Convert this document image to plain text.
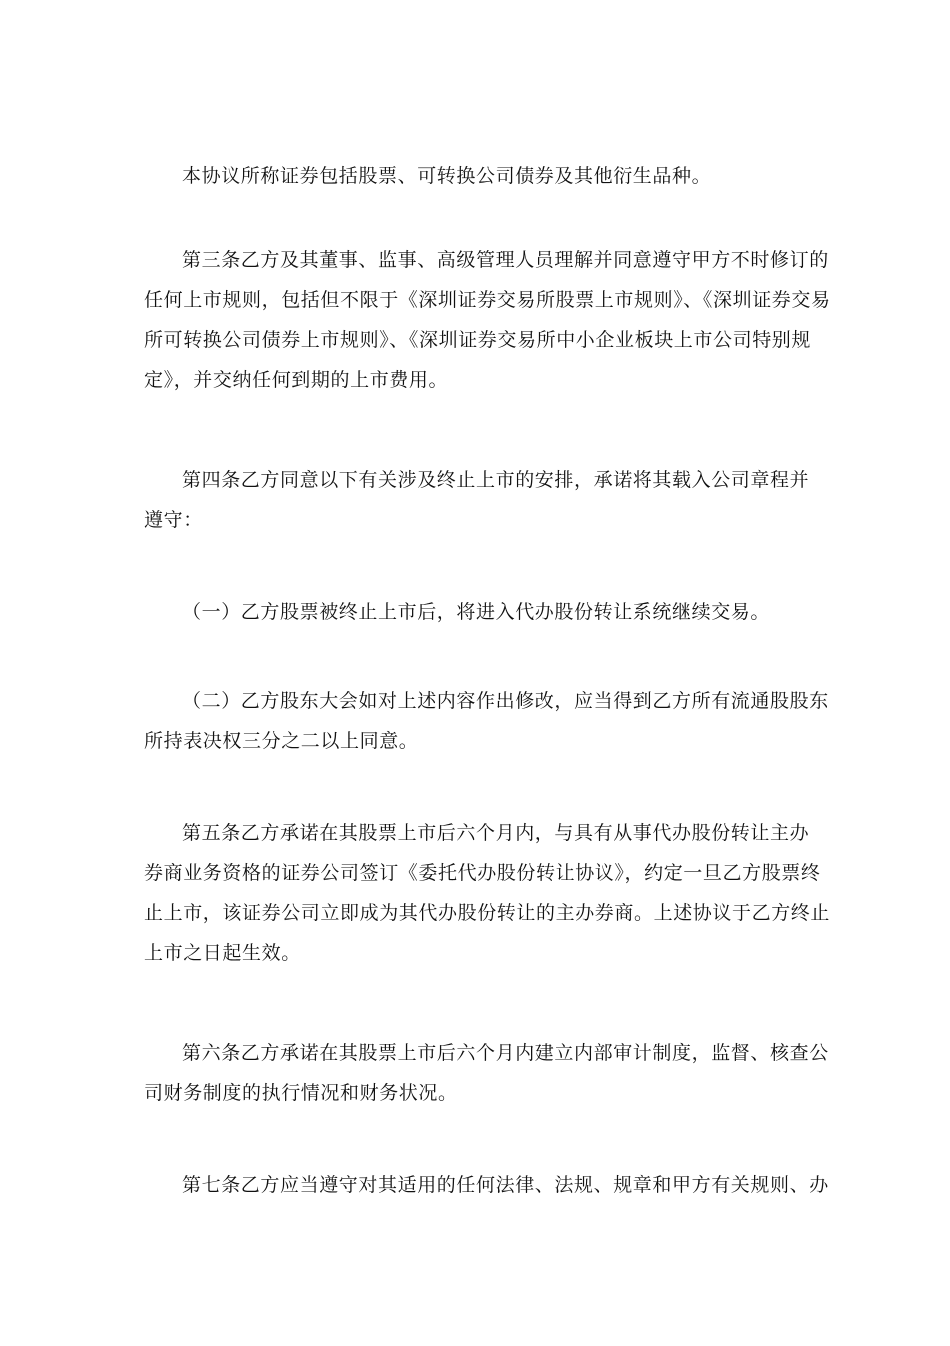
本协议所称证券包括股票、可转换公司债券及其他衍生品种。
第三条乙方及其董事、监事、高级管理人员理解并同意遵守甲方不时修订的
任何上市规则，包括但不限于《深圳证券交易所股票上市规则》、《深圳证券交易
所可转换公司债券上市规则》、《深圳证券交易所中小企业板块上市公司特别规
定》，并交纳任何到期的上市费用。
第四条乙方同意以下有关涉及终止上市的安排，承诺将其载入公司章程并
遵守：
（一）乙方股票被终止上市后，将进入代办股份转让系统继续交易。
（二）乙方股东大会如对上述内容作出修改，应当得到乙方所有流通股股东
所持表决权三分之二以上同意。
第五条乙方承诺在其股票上市后六个月内，与具有从事代办股份转让主办
券商业务资格的证券公司签订《委托代办股份转让协议》，约定一旦乙方股票终
止上市，该证券公司立即成为其代办股份转让的主办券商。上述协议于乙方终止
上市之日起生效。
第六条乙方承诺在其股票上市后六个月内建立内部审计制度，监督、核查公
司财务制度的执行情况和财务状况。
第七条乙方应当遵守对其适用的任何法律、法规、规章和甲方有关规则、办
